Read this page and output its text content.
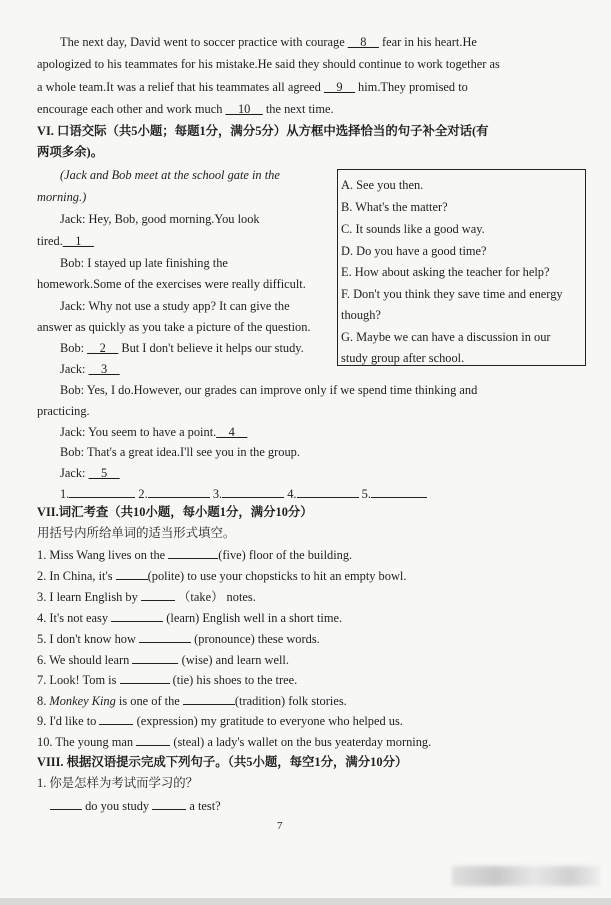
The next day, David went to soccer practice with courage __8__ fear in his heart.He
apologized to his teammates for his mistake.He said they should continue to work together as
a whole team.It was a relief that his teammates all agreed __9__ him.They promised to
encourage each other and work much __10__ the next time.
VI. 口语交际（共5小题；每题1分，满分5分）从方框中选择恰当的句子补全对话(有
两项多余)。
(Jack and Bob meet at the school gate in the
morning.)
Jack: Hey, Bob, good morning.You look
tired.__1__
Bob: I stayed up late finishing the
homework.Some of the exercises were really difficult.
Jack: Why not use a study app? It can give the
answer as quickly as you take a picture of the question.
Bob: __2__ But I don't believe it helps our study.
Jack: __3__
Bob: Yes, I do.However, our grades can improve only if we spend time thinking and
practicing.
Jack: You seem to have a point.__4__
Bob: That's a great idea.I'll see you in the group.
Jack: __5__
1.	2.	3.	4.	5.
A. See you then.
B. What's the matter?
C. It sounds like a good way.
D. Do you have a good time?
E. How about asking the teacher for help?
F. Don't you think they save time and energy
though?
G. Maybe we can have a discussion in our
study group after school.
VII.词汇考查（共10小题，每小题1分，满分10分）
用括号内所给单词的适当形式填空。
1. Miss Wang lives on the	(five) floor of the building.
2. In China, it's	(polite) to use your chopsticks to hit an empty bowl.
3. I learn English by	（take） notes.
4. It's not easy	(learn) English well in a short time.
5. I don't know how	(pronounce) these words.
6. We should learn	(wise) and learn well.
7. Look! Tom is	(tie) his shoes to the tree.
8. Monkey King is one of the	(tradition) folk stories.
9. I'd like to	(expression) my gratitude to everyone who helped us.
10. The young man	(steal) a lady's wallet on the bus yeaterday morning.
VIII. 根据汉语提示完成下列句子。（共5小题，每空1分，满分10分）
1. 你是怎样为考试而学习的？
do you study	a test?
7
